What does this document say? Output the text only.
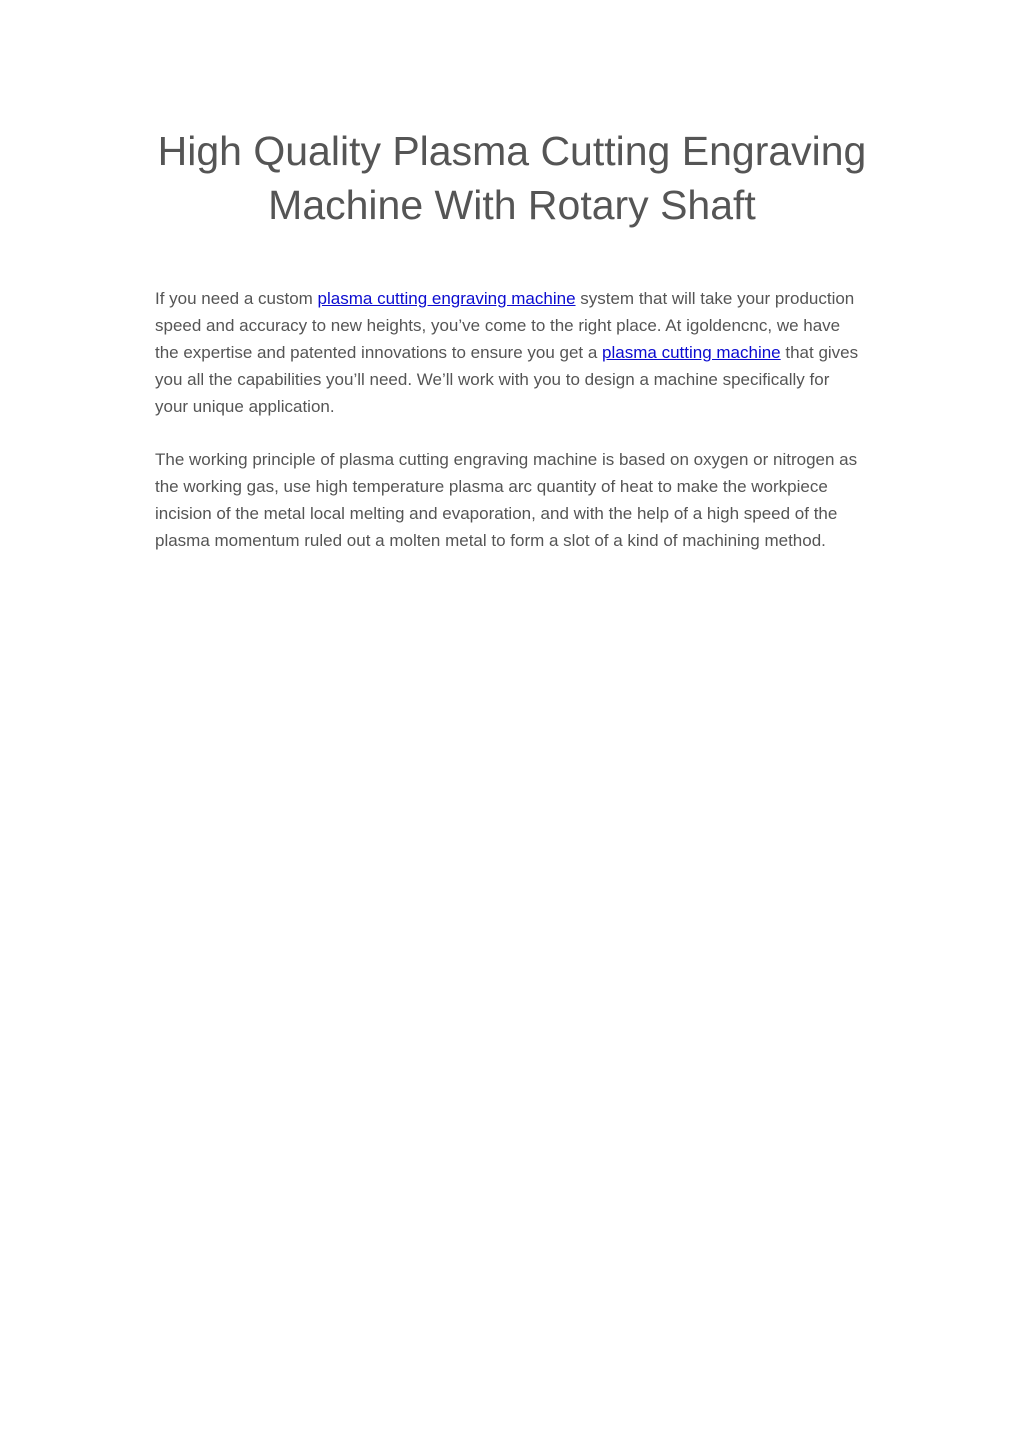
High Quality Plasma Cutting Engraving Machine With Rotary Shaft

If you need a custom plasma cutting engraving machine system that will take your production speed and accuracy to new heights, you’ve come to the right place. At igoldencnc, we have the expertise and patented innovations to ensure you get a plasma cutting machine that gives you all the capabilities you’ll need. We’ll work with you to design a machine specifically for your unique application.

The working principle of plasma cutting engraving machine is based on oxygen or nitrogen as the working gas, use high temperature plasma arc quantity of heat to make the workpiece incision of the metal local melting and evaporation, and with the help of a high speed of the plasma momentum ruled out a molten metal to form a slot of a kind of machining method.
